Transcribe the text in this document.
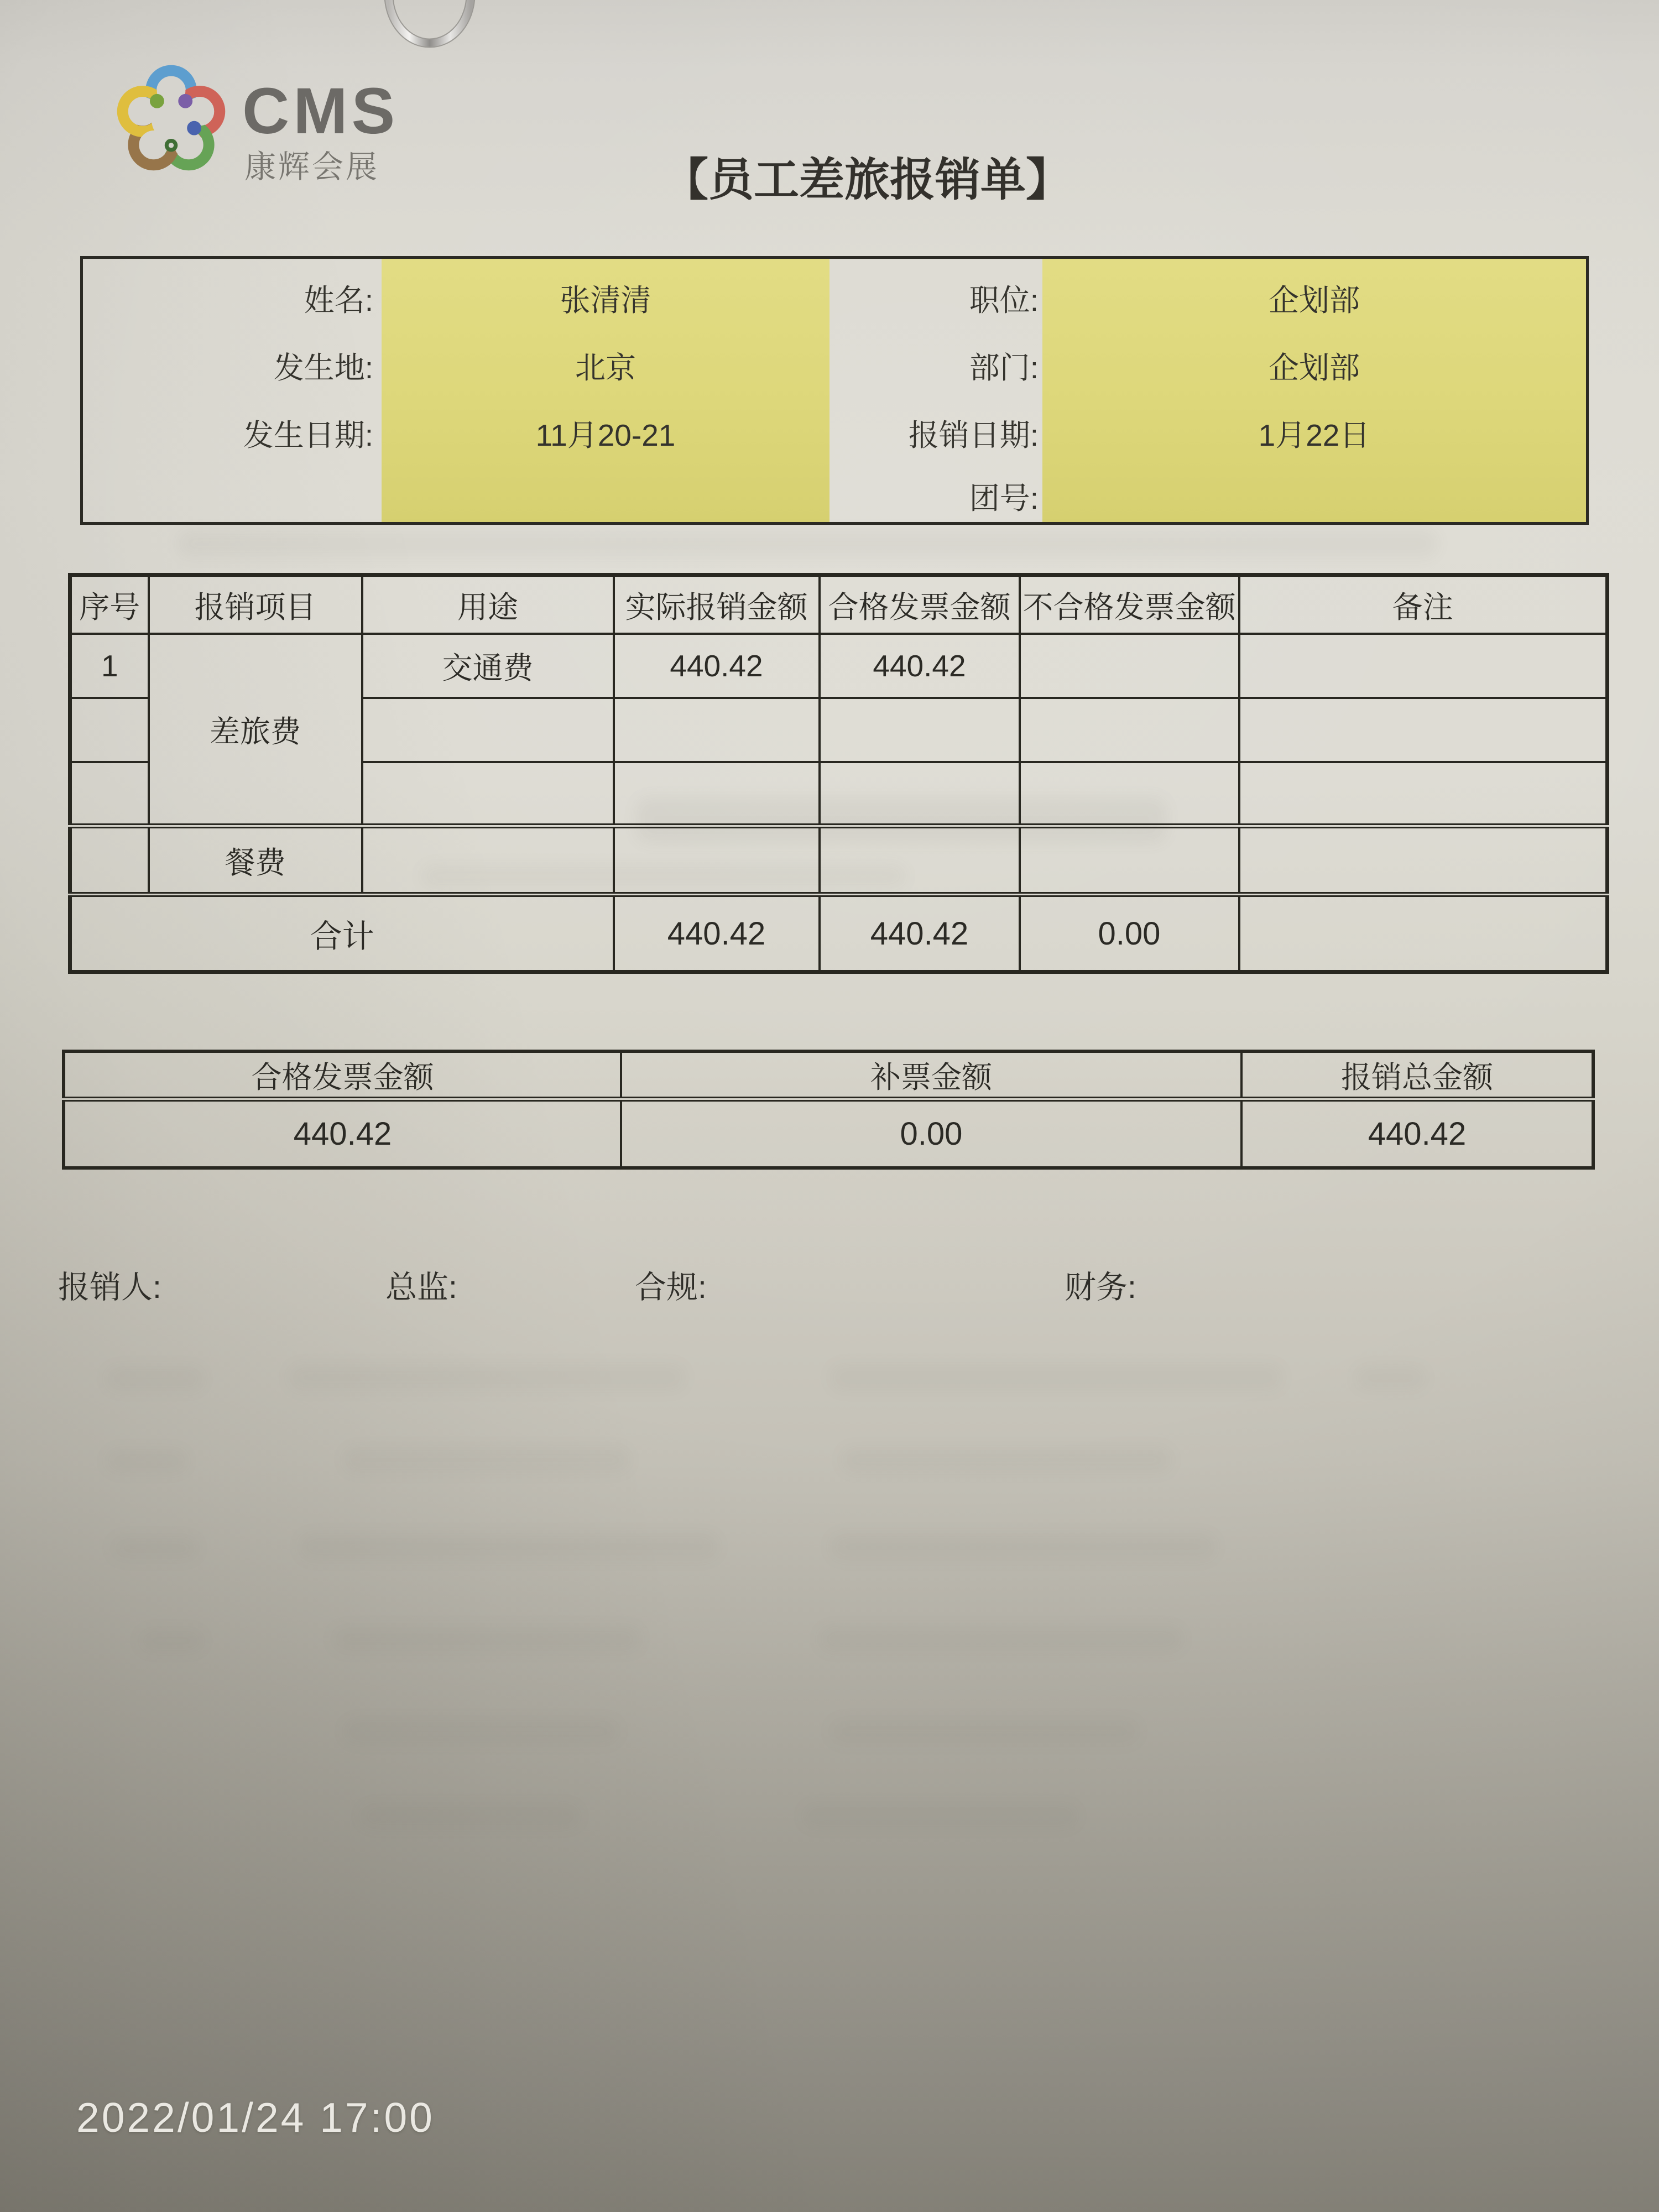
CMS
康辉会展	【员工差旅报销单】
姓名:	张清清
发生地:	北京
发生日期:	11月20-21
职位:	企划部
部门:	企划部
报销日期:	1月22日
团号:
序号	报销项目	用途	实际报销金额	合格发票金额	不合格发票金额	备注
1	差旅费	交通费	440.42	440.42		

	餐费					
合计			440.42	440.42	0.00	
合格发票金额	补票金额	报销总金额
440.42	0.00	440.42
报销人:	总监:	合规:	财务:
2022/01/24 17:00
